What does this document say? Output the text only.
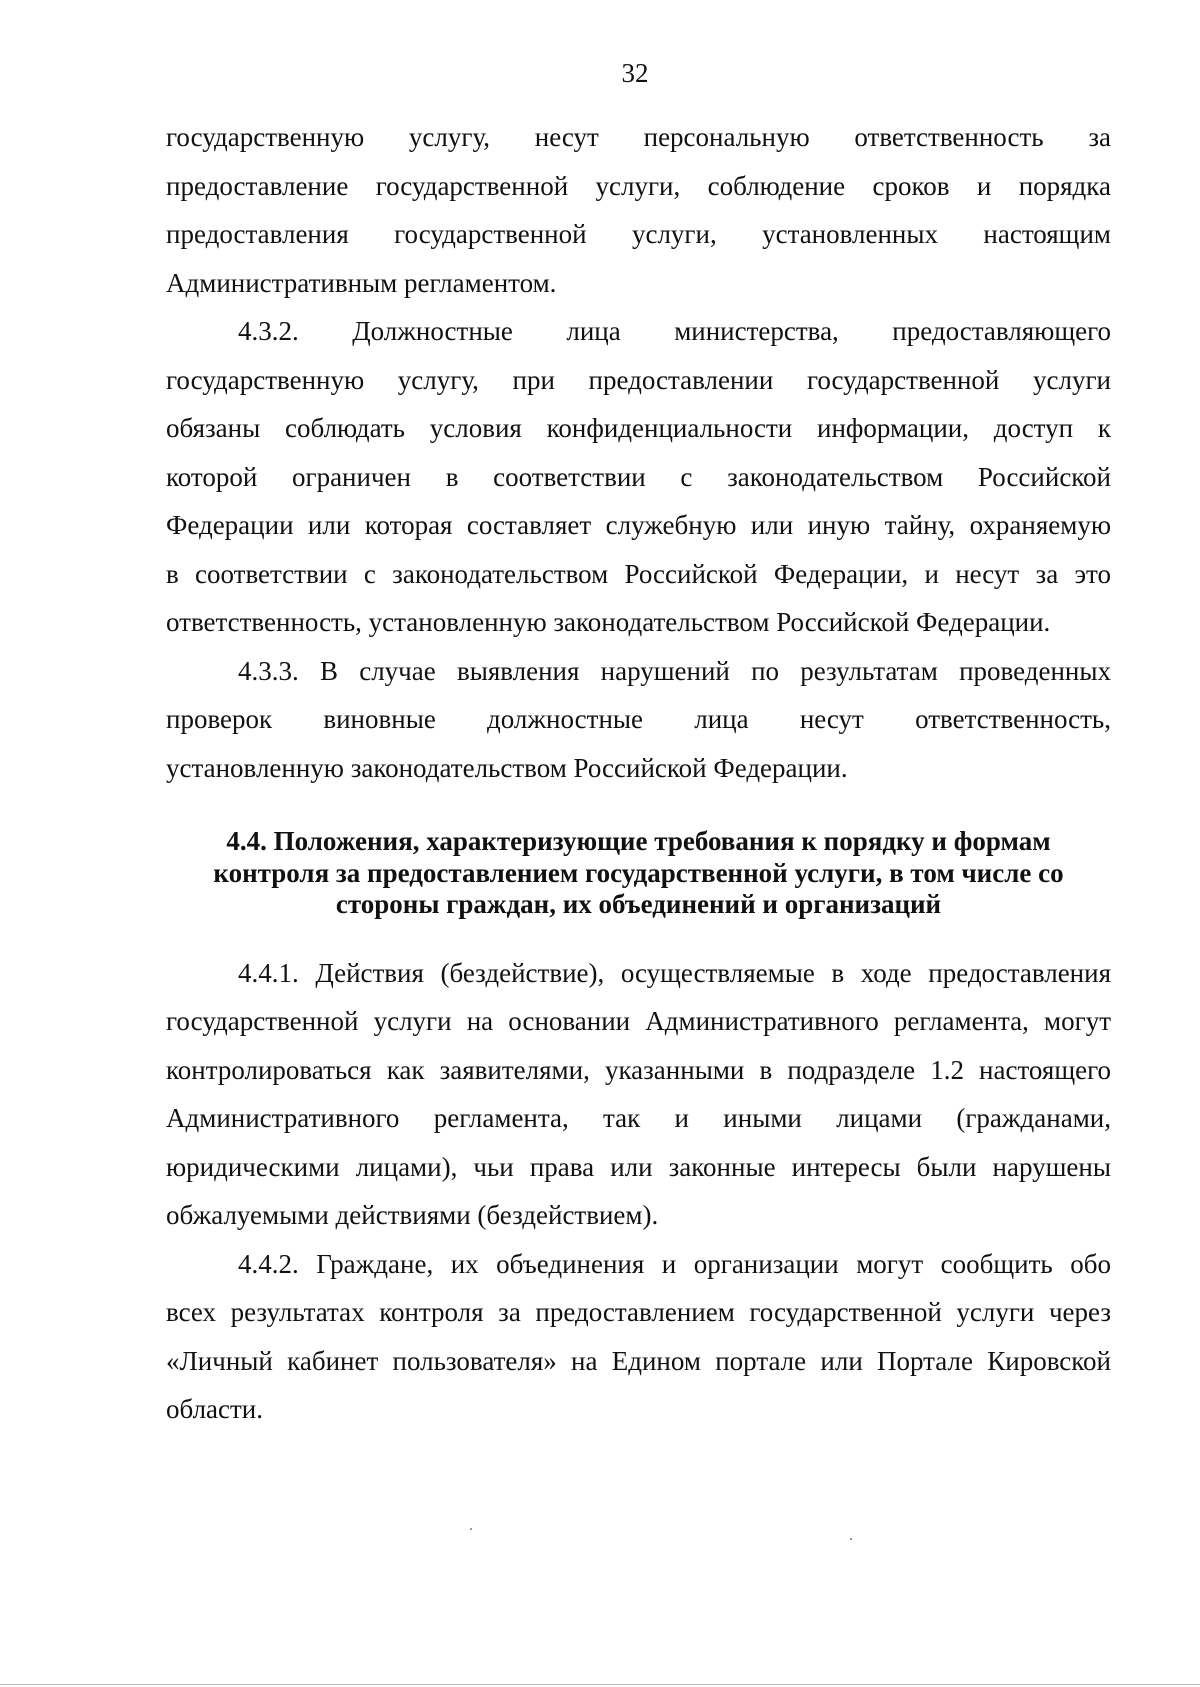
32

государственную услугу, несут персональную ответственность за
предоставление государственной услуги, соблюдение сроков и порядка
предоставления государственной услуги, установленных настоящим
Административным регламентом.

4.3.2. Должностные лица министерства, предоставляющего
государственную услугу, при предоставлении государственной услуги
обязаны соблюдать условия конфиденциальности информации, доступ к
которой ограничен в соответствии с законодательством Российской
Федерации или которая составляет служебную или иную тайну, охраняемую
в соответствии с законодательством Российской Федерации, и несут за это
ответственность, установленную законодательством Российской Федерации.

4.3.3. В случае выявления нарушений по результатам проведенных
проверок виновные должностные лица несут ответственность,
установленную законодательством Российской Федерации.

4.4. Положения, характеризующие требования к порядку и формам
контроля за предоставлением государственной услуги, в том числе со
стороны граждан, их объединений и организаций

4.4.1. Действия (бездействие), осуществляемые в ходе предоставления
государственной услуги на основании Административного регламента, могут
контролироваться как заявителями, указанными в подразделе 1.2 настоящего
Административного регламента, так и иными лицами (гражданами,
юридическими лицами), чьи права или законные интересы были нарушены
обжалуемыми действиями (бездействием).

4.4.2. Граждане, их объединения и организации могут сообщить обо
всех результатах контроля за предоставлением государственной услуги через
«Личный кабинет пользователя» на Едином портале или Портале Кировской
области.
